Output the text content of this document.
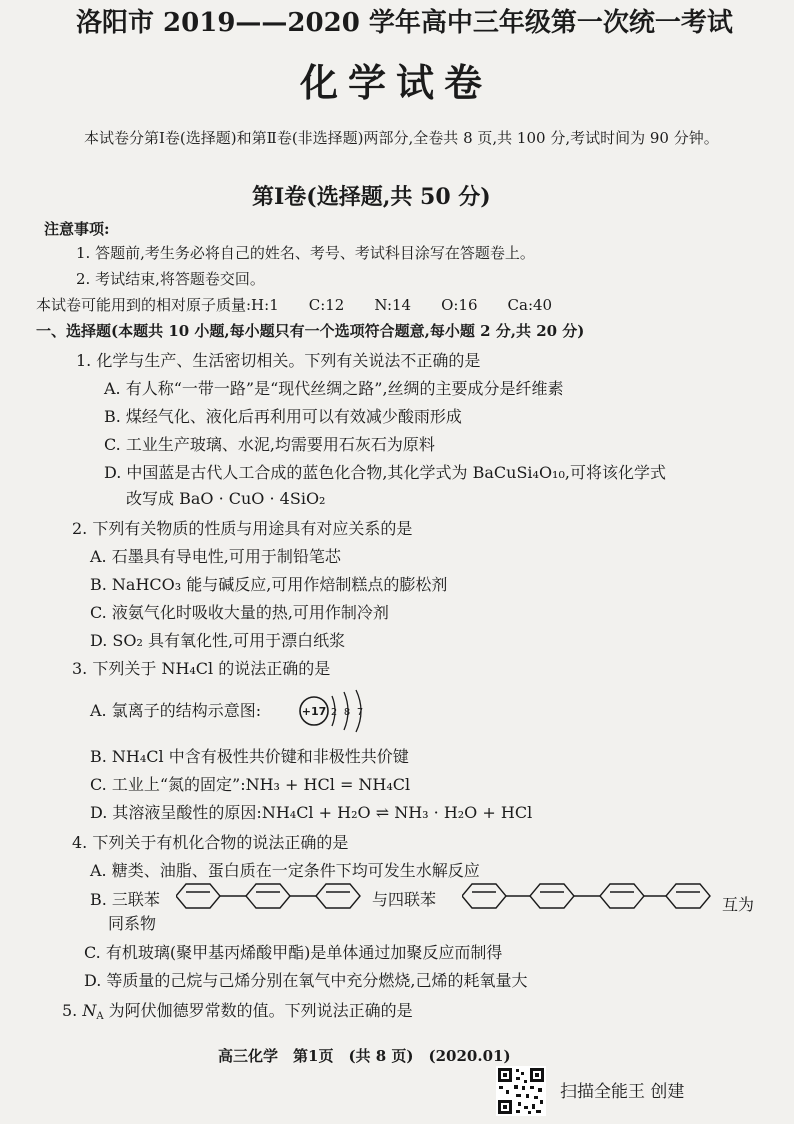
洛阳市 2019——2020 学年高中三年级第一次统一考试
化学试卷
本试卷分第Ⅰ卷(选择题)和第Ⅱ卷(非选择题)两部分,全卷共 8 页,共 100 分,考试时间为 90 分钟。
第Ⅰ卷(选择题,共 50 分)
注意事项:
1. 答题前,考生务必将自己的姓名、考号、考试科目涂写在答题卷上。
2. 考试结束,将答题卷交回。
本试卷可能用到的相对原子质量:H:1　　C:12　　N:14　　O:16　　Ca:40
一、选择题(本题共 10 小题,每小题只有一个选项符合题意,每小题 2 分,共 20 分)
1. 化学与生产、生活密切相关。下列有关说法不正确的是
A. 有人称“一带一路”是“现代丝绸之路”,丝绸的主要成分是纤维素
B. 煤经气化、液化后再利用可以有效减少酸雨形成
C. 工业生产玻璃、水泥,均需要用石灰石为原料
D. 中国蓝是古代人工合成的蓝色化合物,其化学式为 BaCuSi₄O₁₀,可将该化学式
改写成 BaO · CuO · 4SiO₂
2. 下列有关物质的性质与用途具有对应关系的是
A. 石墨具有导电性,可用于制铅笔芯
B. NaHCO₃ 能与碱反应,可用作焙制糕点的膨松剂
C. 液氨气化时吸收大量的热,可用作制冷剂
D. SO₂ 具有氧化性,可用于漂白纸浆
3. 下列关于 NH₄Cl 的说法正确的是
A. 氯离子的结构示意图:	+17 2 8 7
B. NH₄Cl 中含有极性共价键和非极性共价键
C. 工业上“氮的固定”:NH₃ + HCl = NH₄Cl
D. 其溶液呈酸性的原因:NH₄Cl + H₂O ⇌ NH₃ · H₂O + HCl
4. 下列关于有机化合物的说法正确的是
A. 糖类、油脂、蛋白质在一定条件下均可发生水解反应
B. 三联苯	与四联苯	互为
同系物
C. 有机玻璃(聚甲基丙烯酸甲酯)是单体通过加聚反应而制得
D. 等质量的己烷与己烯分别在氧气中充分燃烧,己烯的耗氧量大
5. $N_A$ 为阿伏伽德罗常数的值。下列说法正确的是
高三化学　第1页　(共 8 页)　(2020.01)
扫描全能王 创建
